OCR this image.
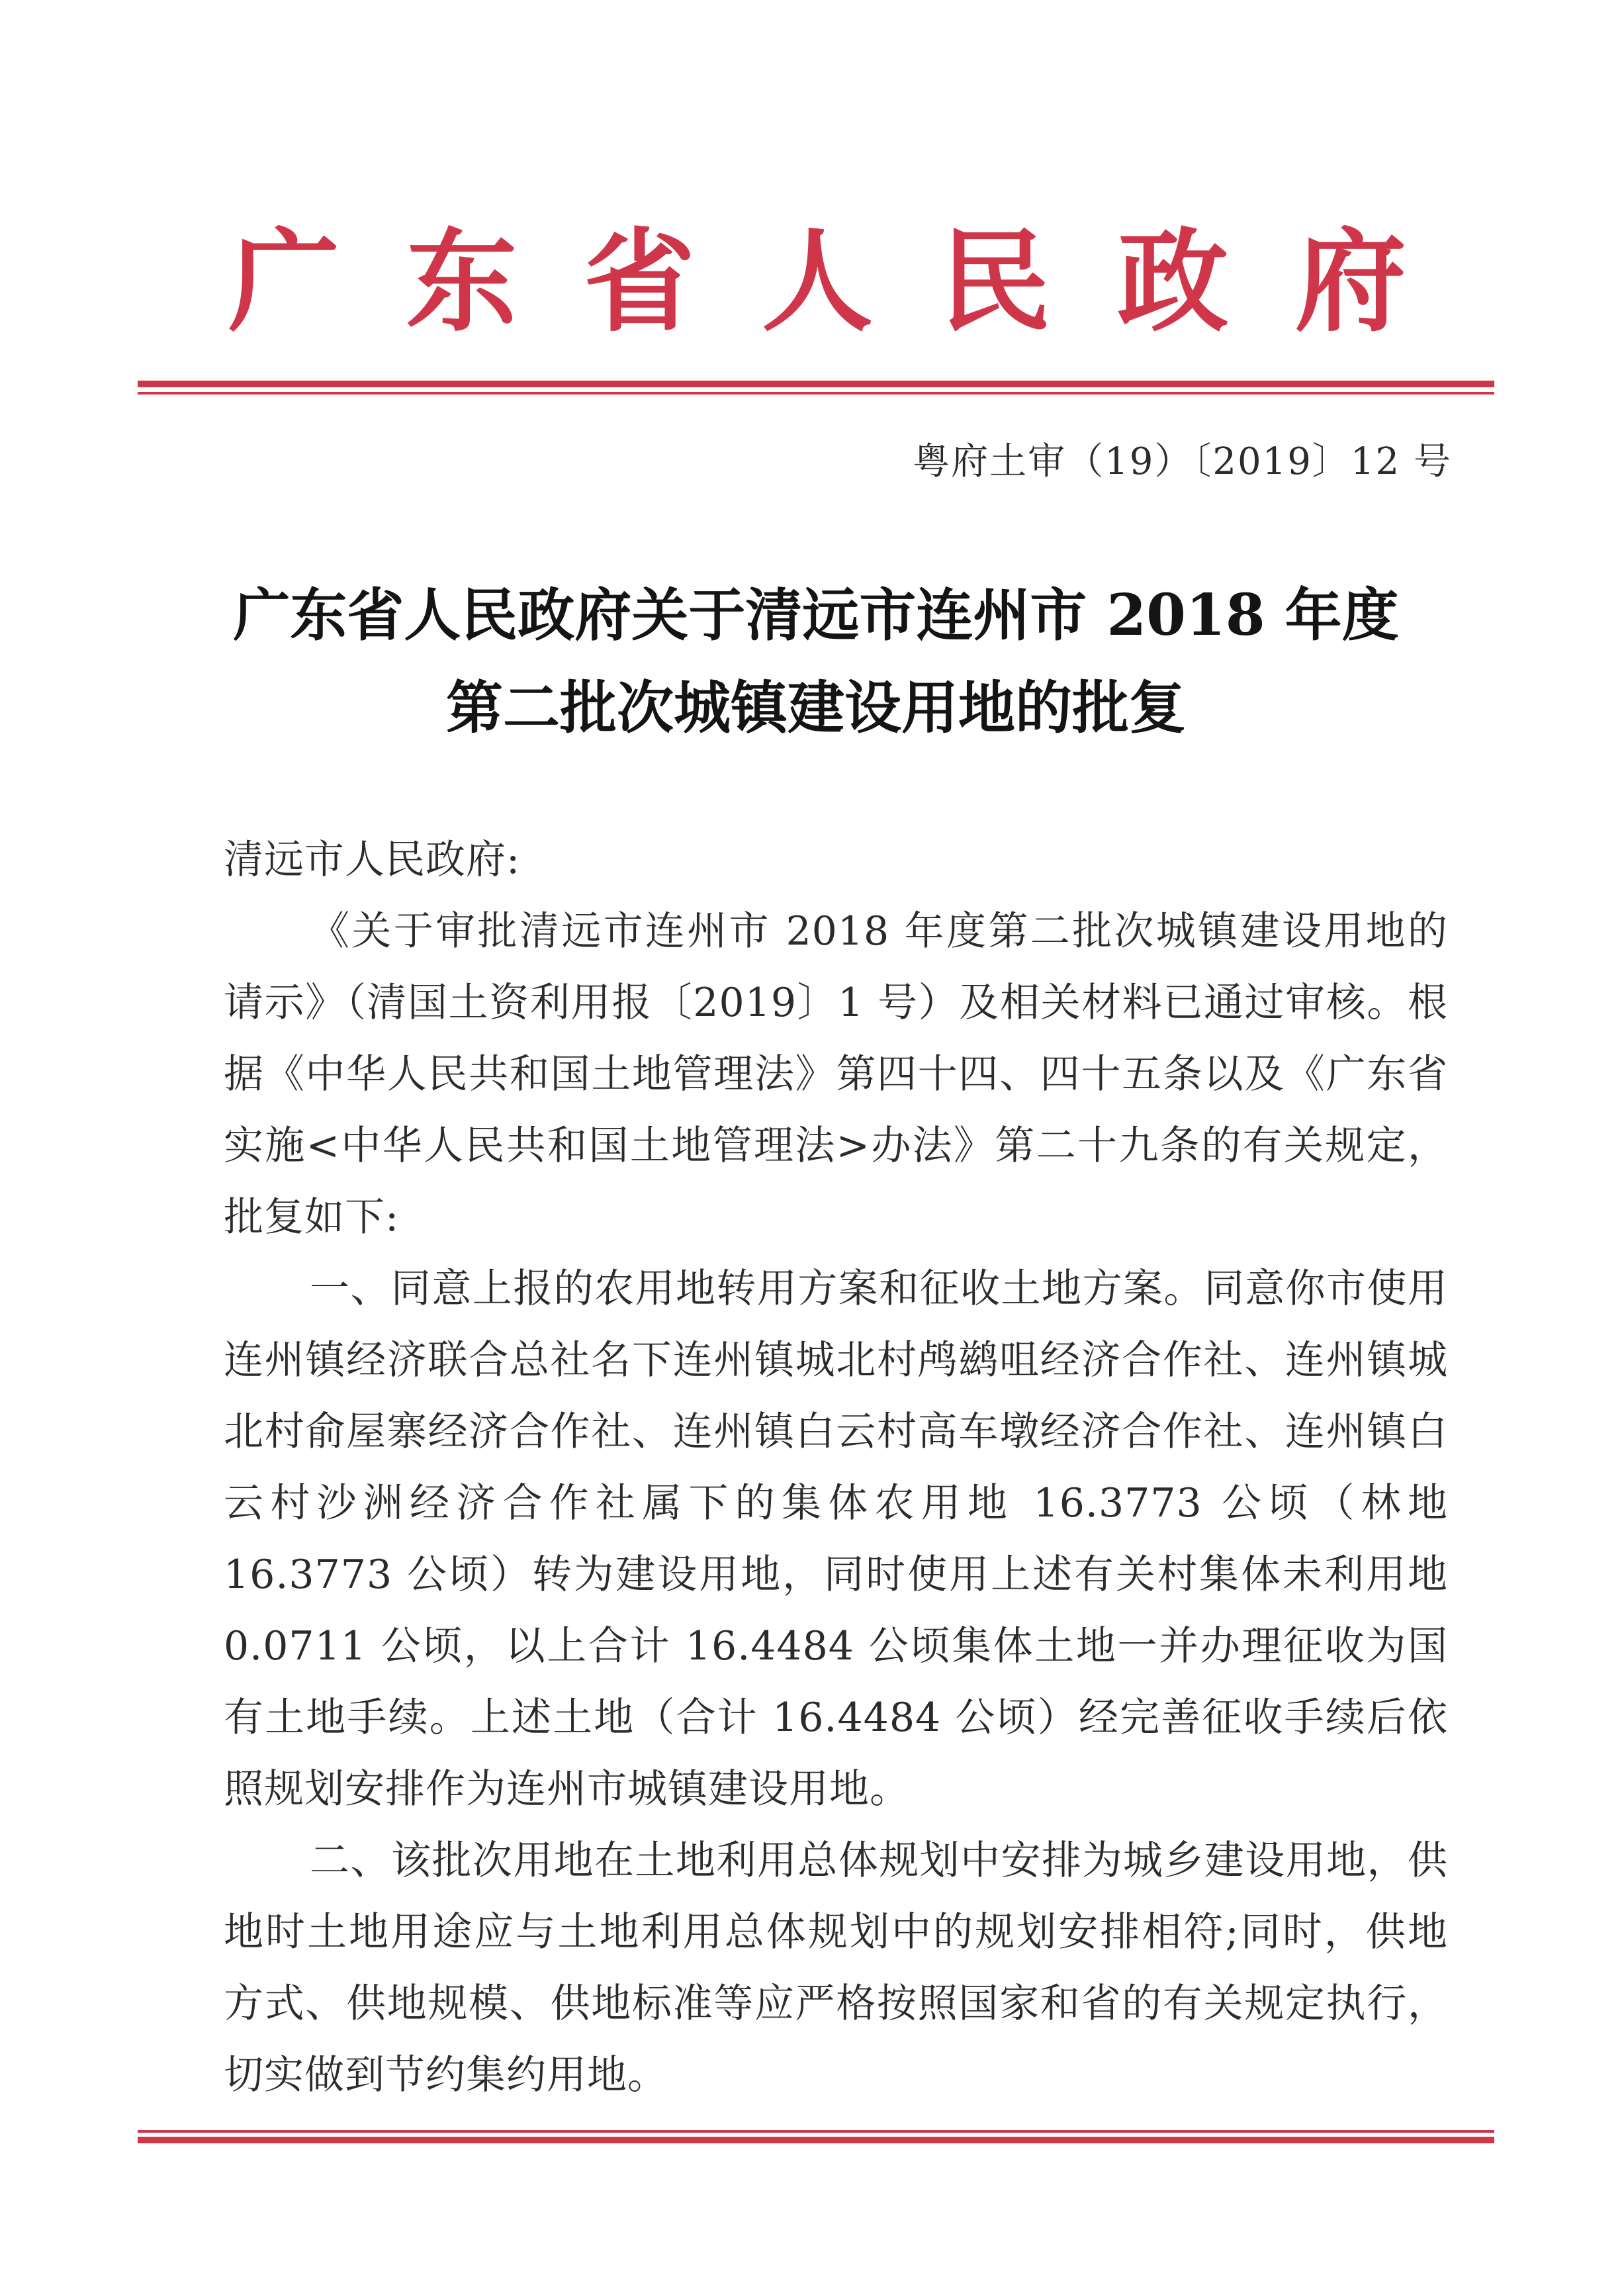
广 东 省 人 民 政 府
粤府土审（19）〔2019〕12 号
广东省人民政府关于清远市连州市 2018 年度
第二批次城镇建设用地的批复

清远市人民政府:

《关于审批清远市连州市 2018 年度第二批次城镇建设用地的请示》（清国土资利用报〔2019〕1 号）及相关材料已通过审核。根据《中华人民共和国土地管理法》第四十四、四十五条以及《广东省实施<中华人民共和国土地管理法>办法》第二十九条的有关规定，批复如下:

一、同意上报的农用地转用方案和征收土地方案。同意你市使用连州镇经济联合总社名下连州镇城北村鸬鹚咀经济合作社、连州镇城北村俞屋寨经济合作社、连州镇白云村高车墩经济合作社、连州镇白云村沙洲经济合作社属下的集体农用地 16.3773 公顷（林地 16.3773 公顷）转为建设用地，同时使用上述有关村集体未利用地 0.0711 公顷，以上合计 16.4484 公顷集体土地一并办理征收为国有土地手续。上述土地（合计 16.4484 公顷）经完善征收手续后依照规划安排作为连州市城镇建设用地。

二、该批次用地在土地利用总体规划中安排为城乡建设用地，供地时土地用途应与土地利用总体规划中的规划安排相符;同时，供地方式、供地规模、供地标准等应严格按照国家和省的有关规定执行，切实做到节约集约用地。
